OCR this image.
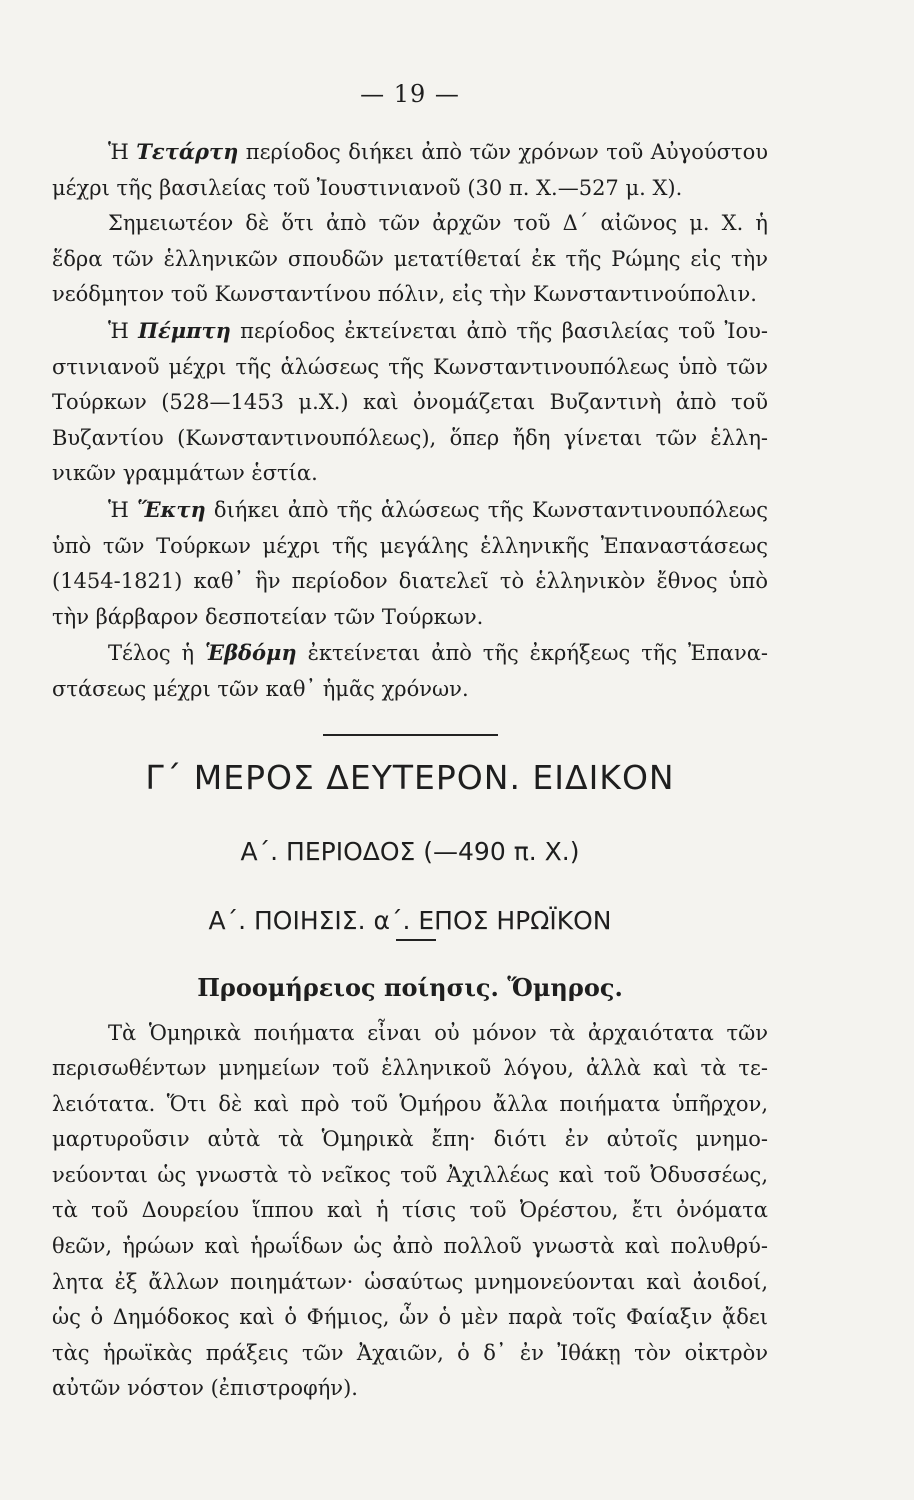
— 19 —
Ἡ Τετάρτη περίοδος διήκει ἀπὸ τῶν χρόνων τοῦ Αὐγούστου
μέχρι τῆς βασιλείας τοῦ Ἰουστινιανοῦ (30 π. Χ.—527 μ. Χ).
Σημειωτέον δὲ ὅτι ἀπὸ τῶν ἀρχῶν τοῦ Δ΄ αἰῶνος μ. Χ. ἡ
ἕδρα τῶν ἑλληνικῶν σπουδῶν μετατίθεταί ἐκ τῆς Ρώμης εἰς τὴν
νεόδμητον τοῦ Κωνσταντίνου πόλιν, εἰς τὴν Κωνσταντινούπολιν.
Ἡ Πέμπτη περίοδος ἐκτείνεται ἀπὸ τῆς βασιλείας τοῦ Ἰου-
στινιανοῦ μέχρι τῆς ἁλώσεως τῆς Κωνσταντινουπόλεως ὑπὸ τῶν
Τούρκων (528—1453 μ.Χ.) καὶ ὀνομάζεται Βυζαντινὴ ἀπὸ τοῦ
Βυζαντίου (Κωνσταντινουπόλεως), ὅπερ ἤδη γίνεται τῶν ἑλλη-
νικῶν γραμμάτων ἑστία.
Ἡ Ἕκτη διήκει ἀπὸ τῆς ἁλώσεως τῆς Κωνσταντινουπόλεως
ὑπὸ τῶν Τούρκων μέχρι τῆς μεγάλης ἑλληνικῆς Ἐπαναστάσεως
(1454-1821) καθ᾿ ἣν περίοδον διατελεῖ τὸ ἑλληνικὸν ἔθνος ὑπὸ
τὴν βάρβαρον δεσποτείαν τῶν Τούρκων.
Τέλος ἡ Ἑβδόμη ἐκτείνεται ἀπὸ τῆς ἐκρήξεως τῆς Ἐπανα-
στάσεως μέχρι τῶν καθ᾿ ἡμᾶς χρόνων.
Γ΄ ΜΕΡΟΣ ΔΕΥΤΕΡΟΝ. ΕΙΔΙΚΟΝ
Α΄. ΠΕΡΙΟΔΟΣ (—490 π. Χ.)
Α΄. ΠΟΙΗΣΙΣ. α΄. ΕΠΟΣ ΗΡΩΪΚΟΝ
Προομήρειος ποίησις. Ὅμηρος.
Τὰ Ὁμηρικὰ ποιήματα εἶναι οὐ μόνον τὰ ἀρχαιότατα τῶν
περισωθέντων μνημείων τοῦ ἑλληνικοῦ λόγου, ἀλλὰ καὶ τὰ τε-
λειότατα. Ὅτι δὲ καὶ πρὸ τοῦ Ὁμήρου ἄλλα ποιήματα ὑπῆρχον,
μαρτυροῦσιν αὐτὰ τὰ Ὁμηρικὰ ἔπη· διότι ἐν αὐτοῖς μνημο-
νεύονται ὡς γνωστὰ τὸ νεῖκος τοῦ Ἀχιλλέως καὶ τοῦ Ὀδυσσέως,
τὰ τοῦ Δουρείου ἵππου καὶ ἡ τίσις τοῦ Ὀρέστου, ἔτι ὀνόματα
θεῶν, ἡρώων καὶ ἡρωΐδων ὡς ἀπὸ πολλοῦ γνωστὰ καὶ πολυθρύ-
λητα ἐξ ἄλλων ποιημάτων· ὡσαύτως μνημονεύονται καὶ ἀοιδοί,
ὡς ὁ Δημόδοκος καὶ ὁ Φήμιος, ὧν ὁ μὲν παρὰ τοῖς Φαίαξιν ᾄδει
τὰς ἡρωϊκὰς πράξεις τῶν Ἀχαιῶν, ὁ δ᾿ ἐν Ἰθάκῃ τὸν οἰκτρὸν
αὐτῶν νόστον (ἐπιστροφήν).
